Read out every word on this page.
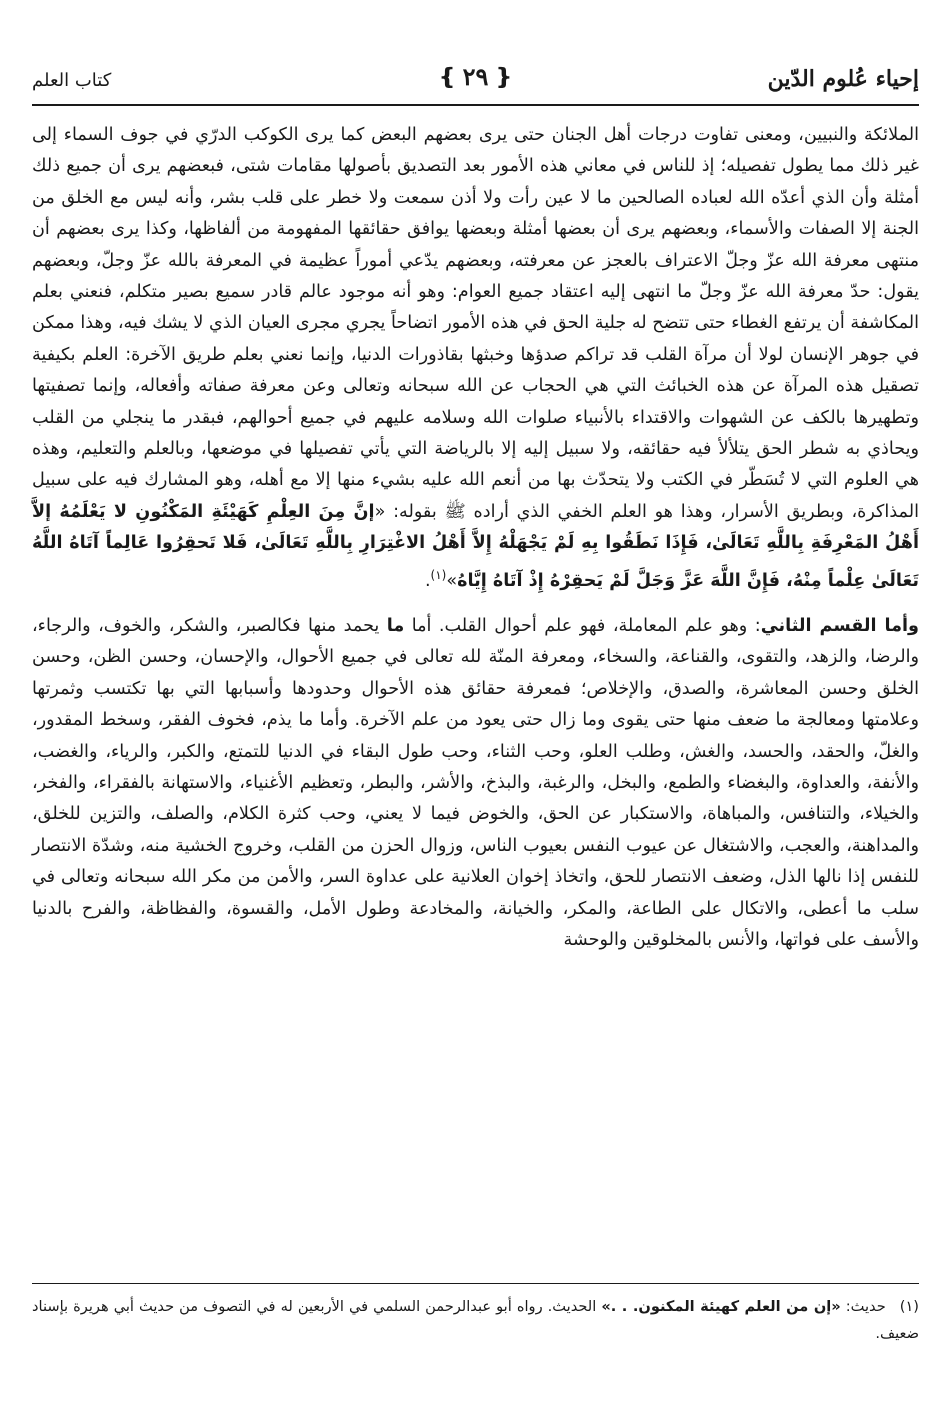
إحياء عُلوم الدّين
❴
٢٩
❵
كتاب العلم

الملائكة والنبيين، ومعنى تفاوت درجات أهل الجنان حتى يرى بعضهم البعض كما يرى الكوكب الدرّي في جوف السماء إلى غير ذلك مما يطول تفصيله؛ إذ للناس في معاني هذه الأمور بعد التصديق بأصولها مقامات شتى، فبعضهم يرى أن جميع ذلك أمثلة وأن الذي أعدّه الله لعباده الصالحين ما لا عين رأت ولا أذن سمعت ولا خطر على قلب بشر، وأنه ليس مع الخلق من الجنة إلا الصفات والأسماء، وبعضهم يرى أن بعضها أمثلة وبعضها يوافق حقائقها المفهومة من ألفاظها، وكذا يرى بعضهم أن منتهى معرفة الله عزّ وجلّ الاعتراف بالعجز عن معرفته، وبعضهم يدّعي أموراً عظيمة في المعرفة بالله عزّ وجلّ، وبعضهم يقول: حدّ معرفة الله عزّ وجلّ ما انتهى إليه اعتقاد جميع العوام: وهو أنه موجود عالم قادر سميع بصير متكلم، فنعني بعلم المكاشفة أن يرتفع الغطاء حتى تتضح له جلية الحق في هذه الأمور اتضاحاً يجري مجرى العيان الذي لا يشك فيه، وهذا ممكن في جوهر الإنسان لولا أن مرآة القلب قد تراكم صدؤها وخبثها بقاذورات الدنيا، وإنما نعني بعلم طريق الآخرة: العلم بكيفية تصقيل هذه المرآة عن هذه الخبائث التي هي الحجاب عن الله سبحانه وتعالى وعن معرفة صفاته وأفعاله، وإنما تصفيتها وتطهيرها بالكف عن الشهوات والاقتداء بالأنبياء صلوات الله وسلامه عليهم في جميع أحوالهم، فبقدر ما ينجلي من القلب ويحاذي به شطر الحق يتلألأ فيه حقائقه، ولا سبيل إليه إلا بالرياضة التي يأتي تفصيلها في موضعها، وبالعلم والتعليم، وهذه هي العلوم التي لا تُسَطّر في الكتب ولا يتحدّث بها من أنعم الله عليه بشيء منها إلا مع أهله، وهو المشارك فيه على سبيل المذاكرة، وبطريق الأسرار، وهذا هو العلم الخفي الذي أراده ﷺ بقوله: «إنَّ مِنَ العِلْمِ كَهَيْئَةِ المَكْنُونِ لا يَعْلَمُهُ إلاَّ أَهْلُ المَعْرِفَةِ بِاللَّهِ تَعَالَىٰ، فَإِذَا نَطَقُوا بِهِ لَمْ يَجْهَلْهُ إِلاَّ أَهْلُ الاغْتِرَارِ بِاللَّهِ تَعَالَىٰ، فَلا تَحقِرُوا عَالِماً آتَاهُ اللَّهُ تَعَالَىٰ عِلْماً مِنْهُ، فَإِنَّ اللَّهَ عَزَّ وَجَلَّ لَمْ يَحقِرْهُ إِذْ آتَاهُ إِيَّاهُ»$^{(١)}$.

وأما القسم الثاني: وهو علم المعاملة، فهو علم أحوال القلب. أما ما يحمد منها فكالصبر، والشكر، والخوف، والرجاء، والرضا، والزهد، والتقوى، والقناعة، والسخاء، ومعرفة المنّة لله تعالى في جميع الأحوال، والإحسان، وحسن الظن، وحسن الخلق وحسن المعاشرة، والصدق، والإخلاص؛ فمعرفة حقائق هذه الأحوال وحدودها وأسبابها التي بها تكتسب وثمرتها وعلامتها ومعالجة ما ضعف منها حتى يقوى وما زال حتى يعود من علم الآخرة. وأما ما يذم، فخوف الفقر، وسخط المقدور، والغلّ، والحقد، والحسد، والغش، وطلب العلو، وحب الثناء، وحب طول البقاء في الدنيا للتمتع، والكبر، والرياء، والغضب، والأنفة، والعداوة، والبغضاء والطمع، والبخل، والرغبة، والبذخ، والأشر، والبطر، وتعظيم الأغنياء، والاستهانة بالفقراء، والفخر، والخيلاء، والتنافس، والمباهاة، والاستكبار عن الحق، والخوض فيما لا يعني، وحب كثرة الكلام، والصلف، والتزين للخلق، والمداهنة، والعجب، والاشتغال عن عيوب النفس بعيوب الناس، وزوال الحزن من القلب، وخروج الخشية منه، وشدّة الانتصار للنفس إذا نالها الذل، وضعف الانتصار للحق، واتخاذ إخوان العلانية على عداوة السر، والأمن من مكر الله سبحانه وتعالى في سلب ما أعطى، والاتكال على الطاعة، والمكر، والخيانة، والمخادعة وطول الأمل، والقسوة، والفظاظة، والفرح بالدنيا والأسف على فواتها، والأنس بالمخلوقين والوحشة

(١)حديث: «إن من العلم كهيئة المكنون. . .» الحديث. رواه أبو عبدالرحمن السلمي في الأربعين له في التصوف من حديث أبي هريرة بإسناد ضعيف.
